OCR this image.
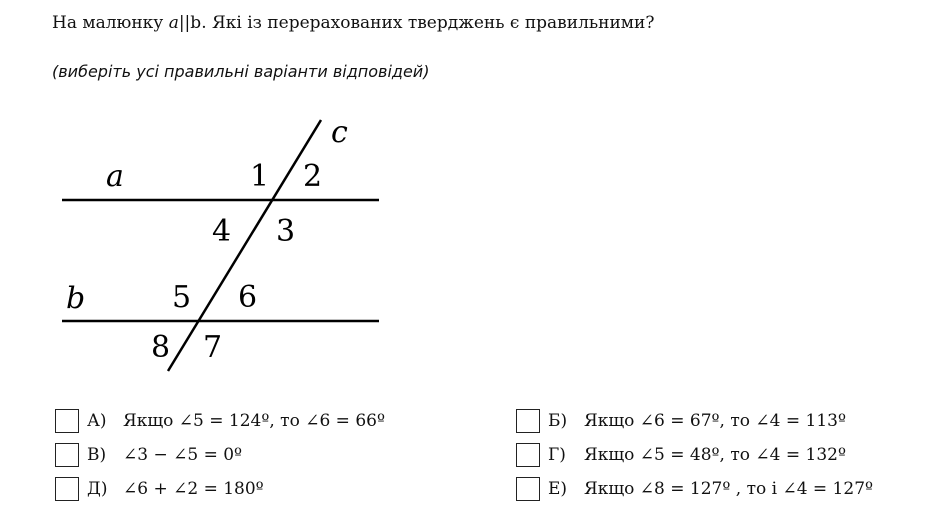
На малюнку a||b. Які із перерахованих тверджень є правильними?
(виберіть усі правильні варіанти відповідей)
c
a
b
1 2
3
4
5 6
7
8
А) Якщо ∠5 = 124º, то ∠6 = 66º	Б) Якщо ∠6 = 67º, то ∠4 = 113º
В) ∠3 − ∠5 = 0º	Г)	Якщо ∠5 = 48º, то ∠4 = 132º
Д) ∠6 + ∠2 = 180º	Е) Якщо ∠8 = 127º , то і ∠4 = 127º
